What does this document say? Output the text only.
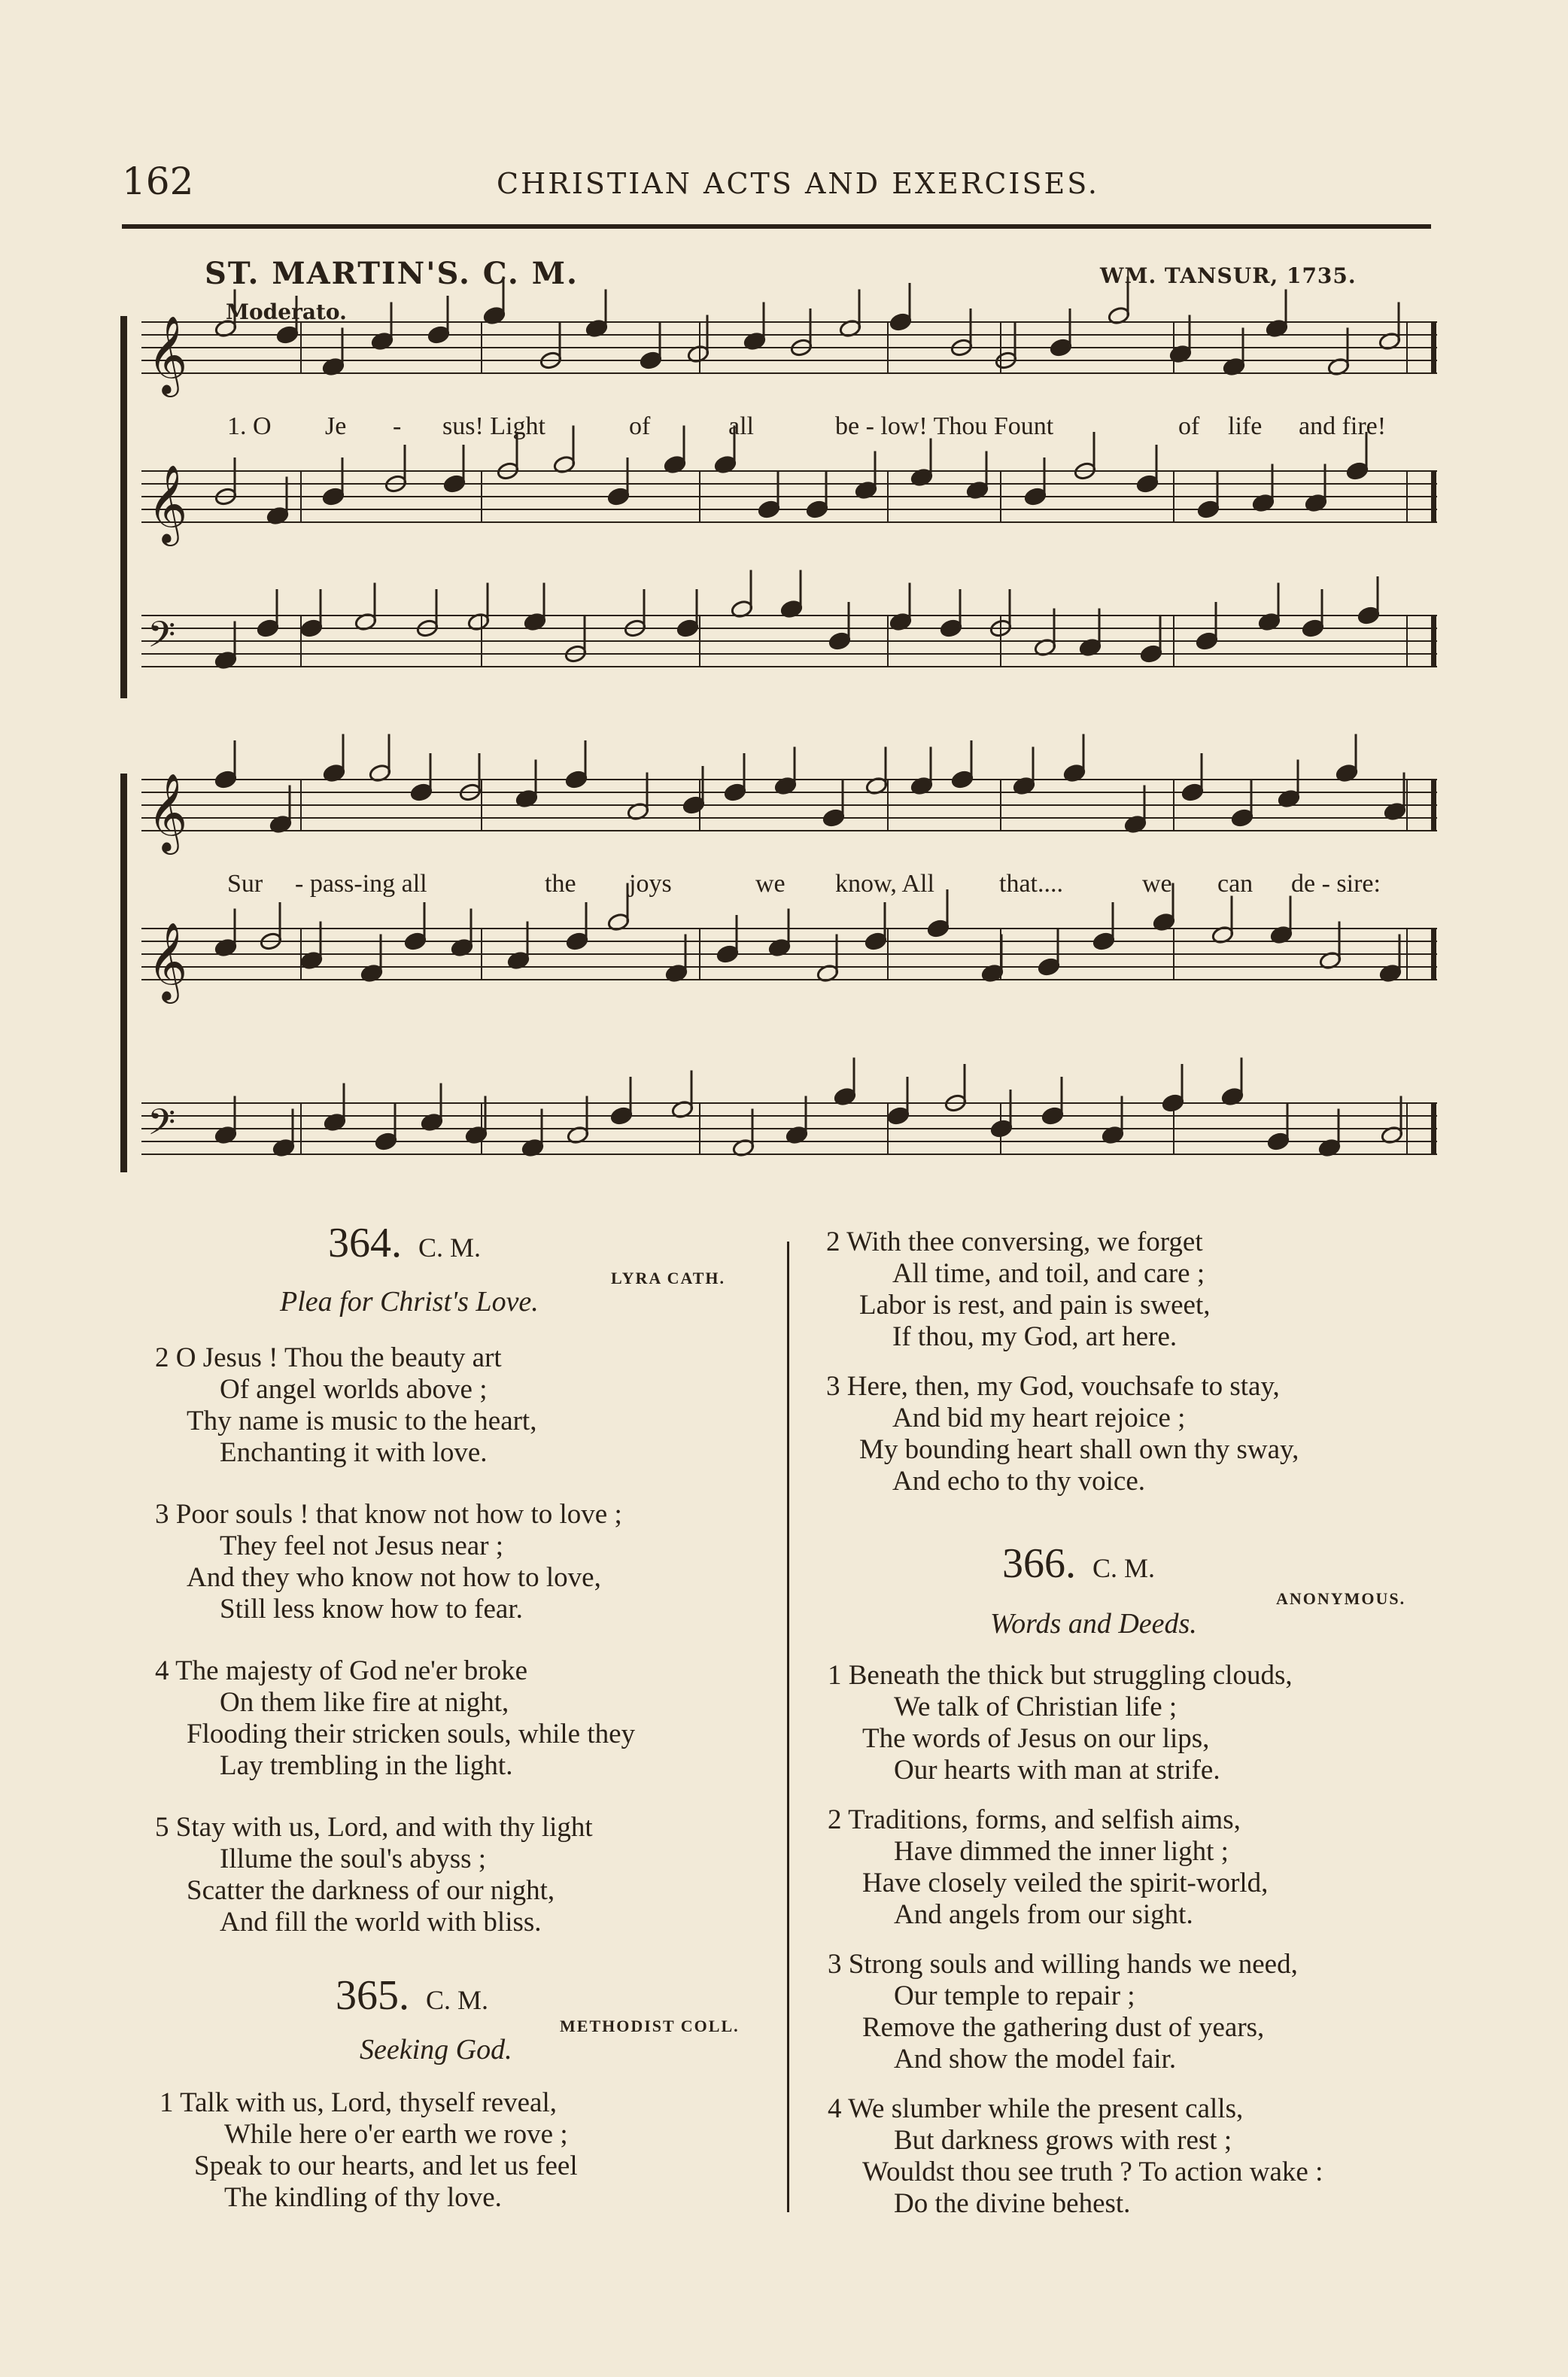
162	CHRISTIAN ACTS AND EXERCISES.
ST. MARTIN'S. C. M.	WM. TANSUR, 1735.
Moderato.
𝄞
𝄞
𝄢
𝄞
𝄞
𝄢
1. O Je - sus! Light	of	all	be - low! Thou Fount	of life and fire!
Sur - pass-ing all	the joys	we know, All	that....	we can de - sire:
364. C. M.
LYRA CATH.
Plea for Christ's Love.
2 O Jesus ! Thou the beauty art
Of angel worlds above ;
Thy name is music to the heart,
Enchanting it with love.
3 Poor souls ! that know not how to love ;
They feel not Jesus near ;
And they who know not how to love,
Still less know how to fear.
4 The majesty of God ne'er broke
On them like fire at night,
Flooding their stricken souls, while they
Lay trembling in the light.
5 Stay with us, Lord, and with thy light
Illume the soul's abyss ;
Scatter the darkness of our night,
And fill the world with bliss.
365. C. M.
METHODIST COLL.
Seeking God.
1 Talk with us, Lord, thyself reveal,
While here o'er earth we rove ;
Speak to our hearts, and let us feel
The kindling of thy love.
2 With thee conversing, we forget
All time, and toil, and care ;
Labor is rest, and pain is sweet,
If thou, my God, art here.
3 Here, then, my God, vouchsafe to stay,
And bid my heart rejoice ;
My bounding heart shall own thy sway,
And echo to thy voice.
366. C. M.
ANONYMOUS.
Words and Deeds.
1 Beneath the thick but struggling clouds,
We talk of Christian life ;
The words of Jesus on our lips,
Our hearts with man at strife.
2 Traditions, forms, and selfish aims,
Have dimmed the inner light ;
Have closely veiled the spirit-world,
And angels from our sight.
3 Strong souls and willing hands we need,
Our temple to repair ;
Remove the gathering dust of years,
And show the model fair.
4 We slumber while the present calls,
But darkness grows with rest ;
Wouldst thou see truth ? To action wake :
Do the divine behest.
